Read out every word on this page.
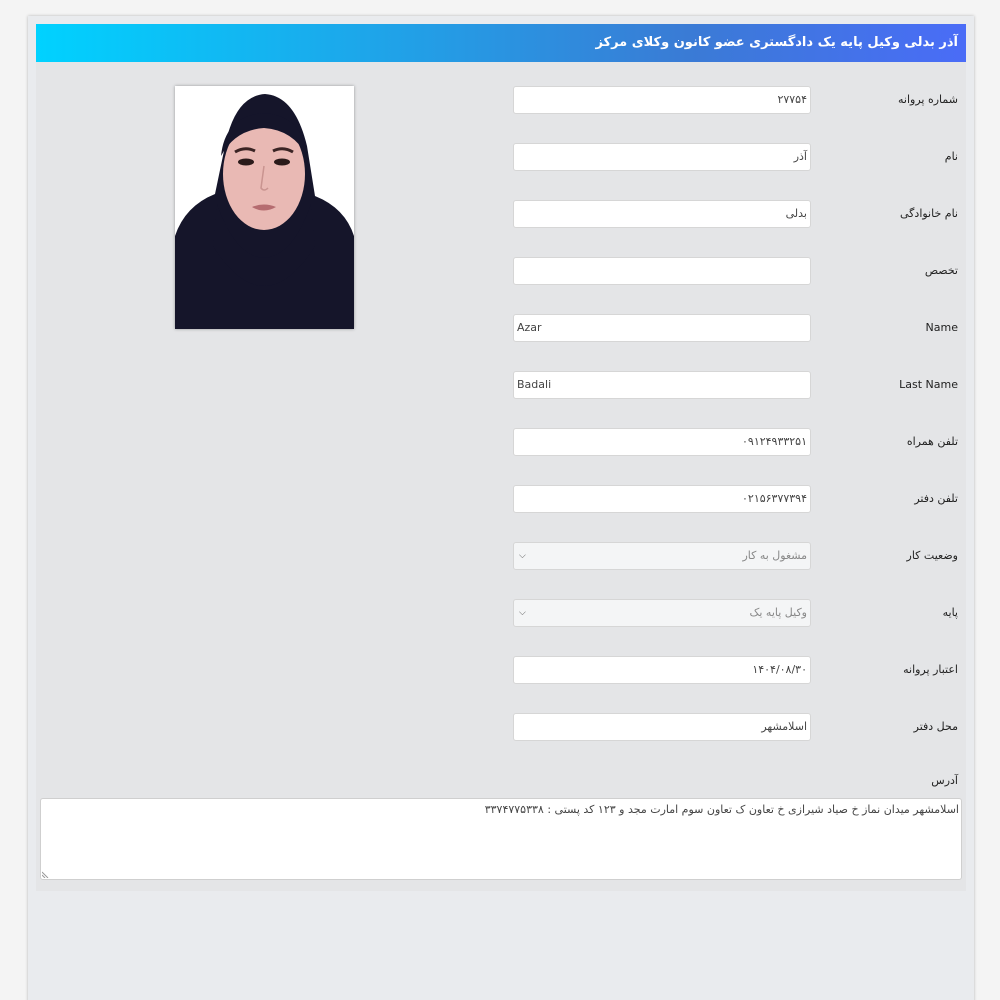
آذر بدلی وکیل پایه یک دادگستری عضو کانون وکلای مرکز
شماره پروانه
۲۷۷۵۴
نام
آذر
نام خانوادگی
بدلی
تخصص
Name
Azar
Last Name
Badali
تلفن همراه
۰۹۱۲۴۹۳۳۲۵۱
تلفن دفتر
۰۲۱۵۶۳۷۷۳۹۴
وضعیت کار
مشغول به کار
⌵
پایه
وکیل پایه یک
⌵
اعتبار پروانه
۱۴۰۴/۰۸/۳۰
محل دفتر
اسلامشهر
آدرس
اسلامشهر میدان نماز خ صیاد شیرازی خ تعاون ک تعاون سوم امارت مجد و ۱۲۳ کد پستی : ۳۳۷۴۷۷۵۳۳۸
